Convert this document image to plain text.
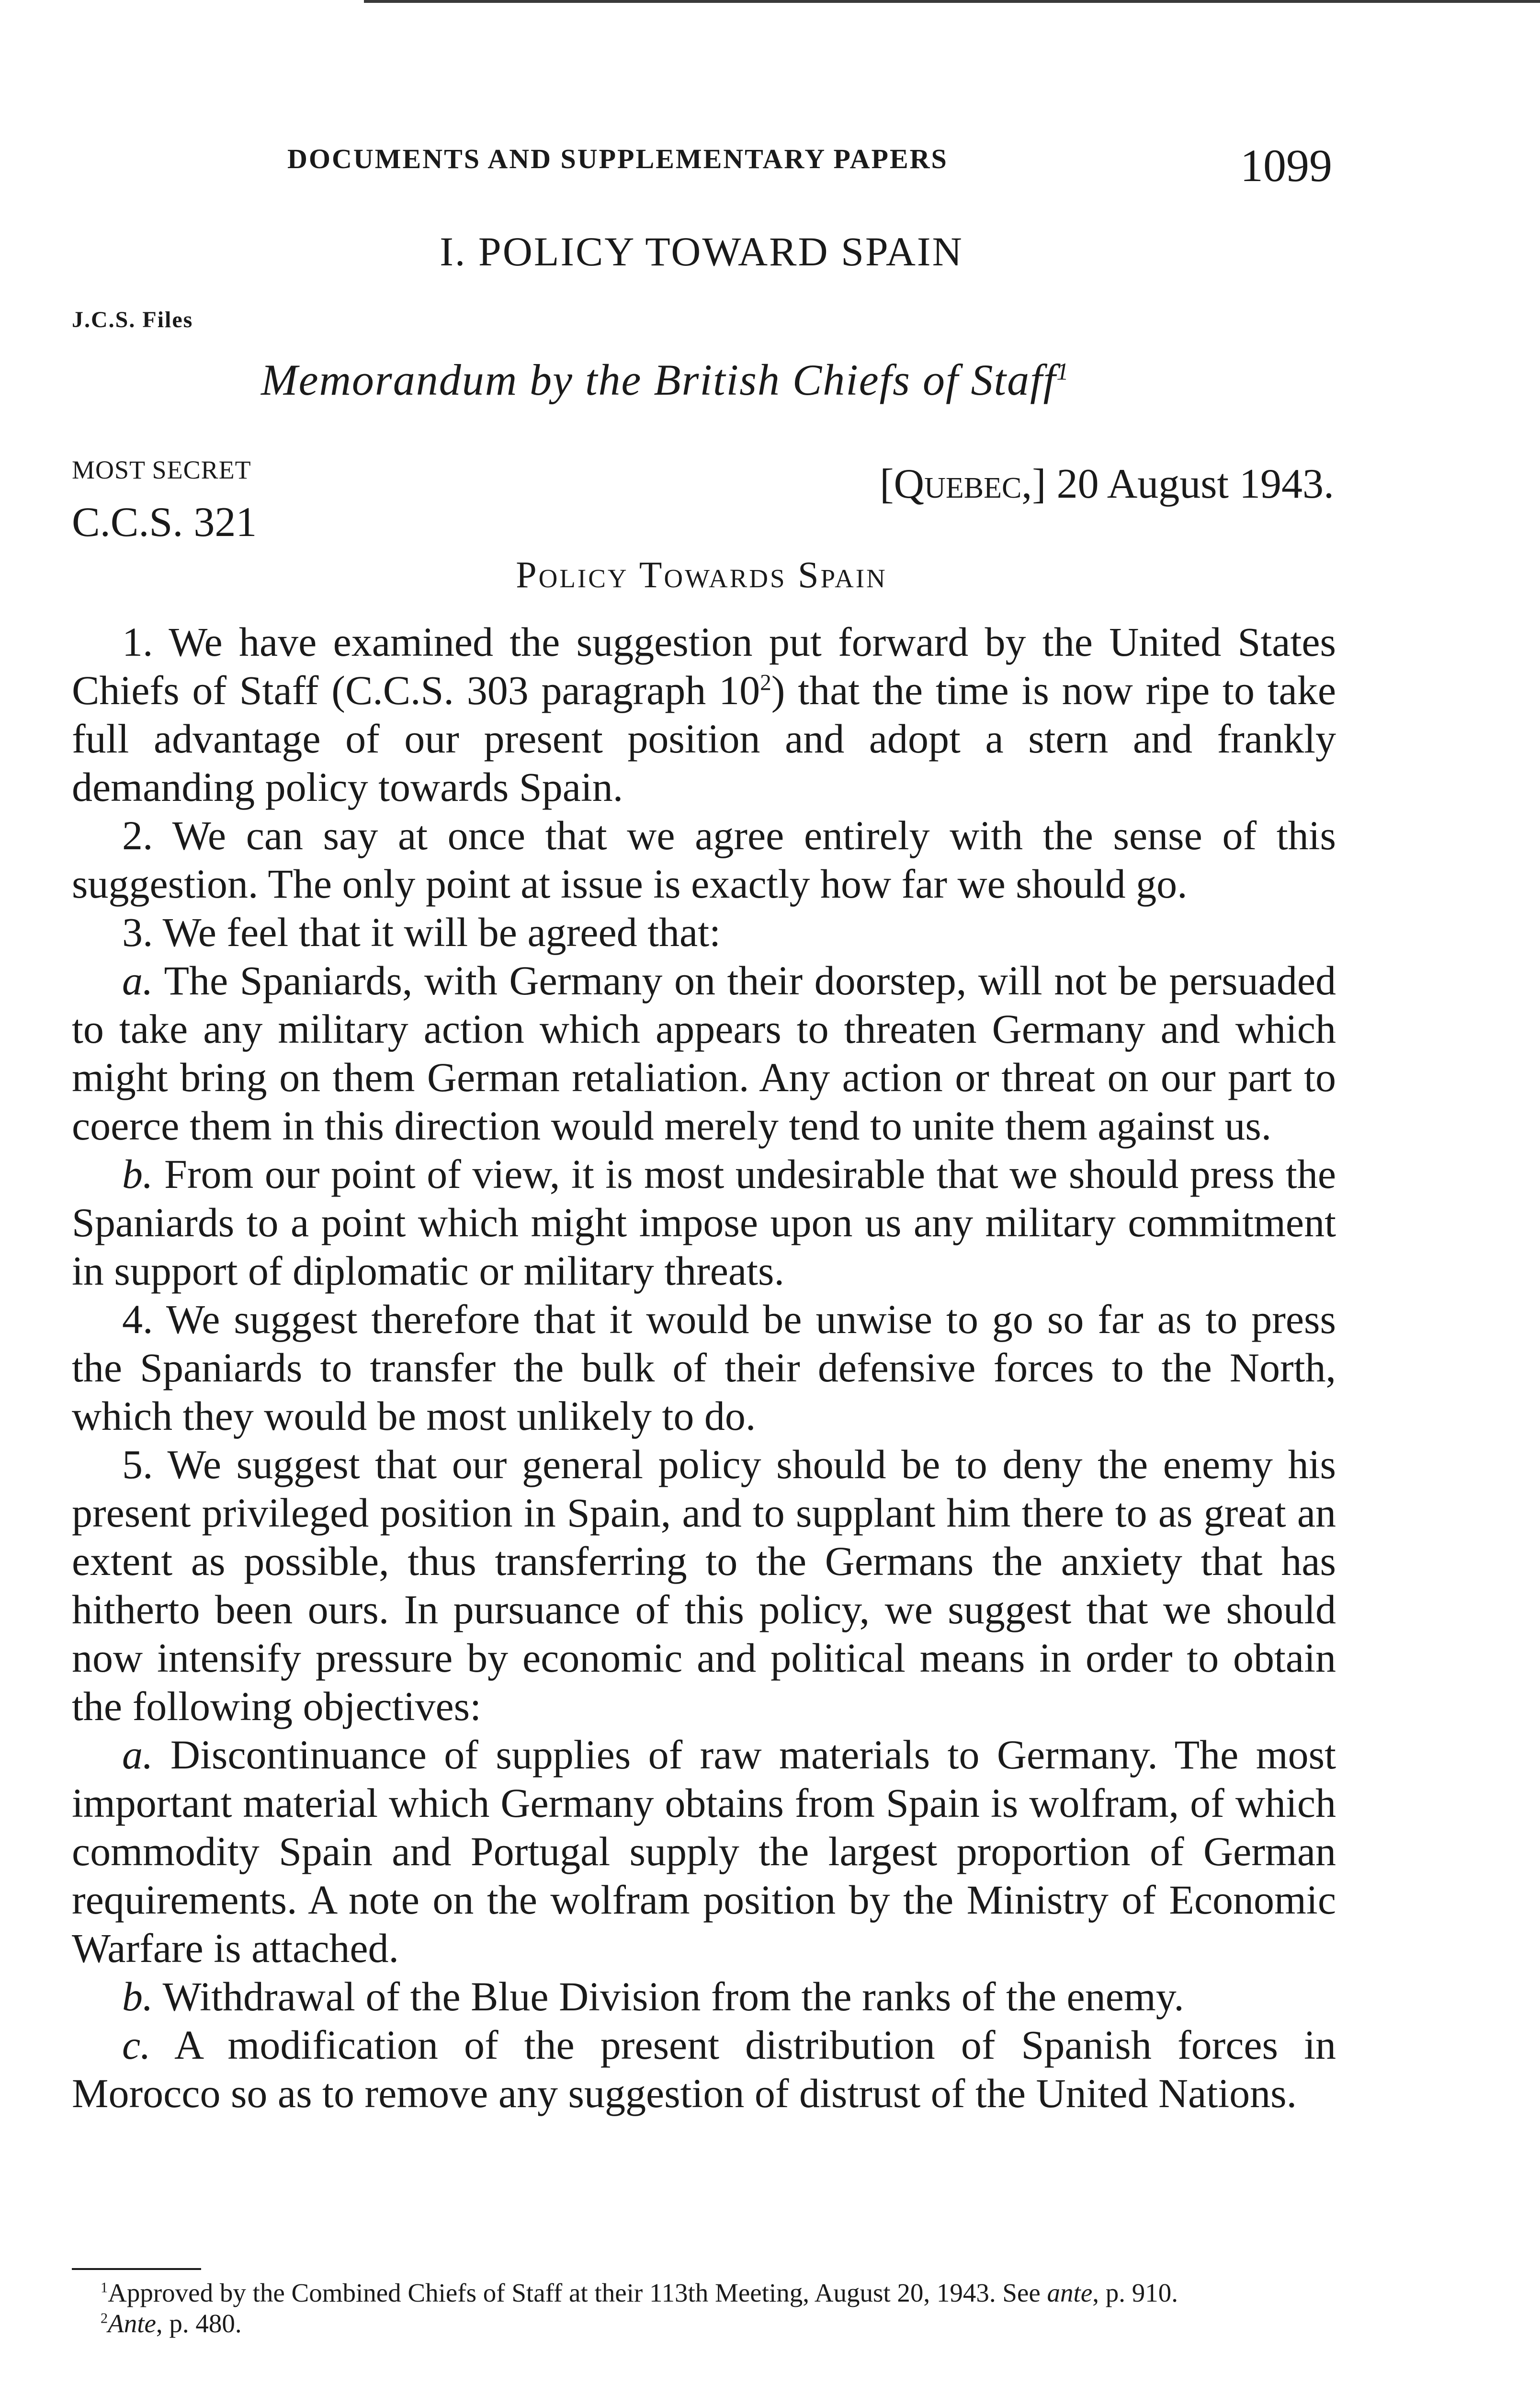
DOCUMENTS AND SUPPLEMENTARY PAPERS	1099
I. POLICY TOWARD SPAIN
J.C.S. Files
Memorandum by the British Chiefs of Staff$^1$
MOST SECRET
C.C.S. 321
[Quebec,] 20 August 1943.
Policy Towards Spain

1. We have examined the suggestion put forward by the United States Chiefs of Staff (C.C.S. 303 paragraph $10^2$) that the time is now ripe to take full advantage of our present position and adopt a stern and frankly demanding policy towards Spain.

2. We can say at once that we agree entirely with the sense of this suggestion. The only point at issue is exactly how far we should go.

3. We feel that it will be agreed that:

a. The Spaniards, with Germany on their doorstep, will not be persuaded to take any military action which appears to threaten Germany and which might bring on them German retaliation. Any action or threat on our part to coerce them in this direction would merely tend to unite them against us.

b. From our point of view, it is most undesirable that we should press the Spaniards to a point which might impose upon us any military commitment in support of diplomatic or military threats.

4. We suggest therefore that it would be unwise to go so far as to press the Spaniards to transfer the bulk of their defensive forces to the North, which they would be most unlikely to do.

5. We suggest that our general policy should be to deny the enemy his present privileged position in Spain, and to supplant him there to as great an extent as possible, thus transferring to the Germans the anxiety that has hitherto been ours. In pursuance of this policy, we suggest that we should now intensify pressure by economic and political means in order to obtain the following objectives:

a. Discontinuance of supplies of raw materials to Germany. The most important material which Germany obtains from Spain is wolfram, of which commodity Spain and Portugal supply the largest proportion of German requirements. A note on the wolfram position by the Ministry of Economic Warfare is attached.

b. Withdrawal of the Blue Division from the ranks of the enemy.

c. A modification of the present distribution of Spanish forces in Morocco so as to remove any suggestion of distrust of the United Nations.

$^1$Approved by the Combined Chiefs of Staff at their 113th Meeting, August 20, 1943. See ante, p. 910.

$^2$Ante, p. 480.
